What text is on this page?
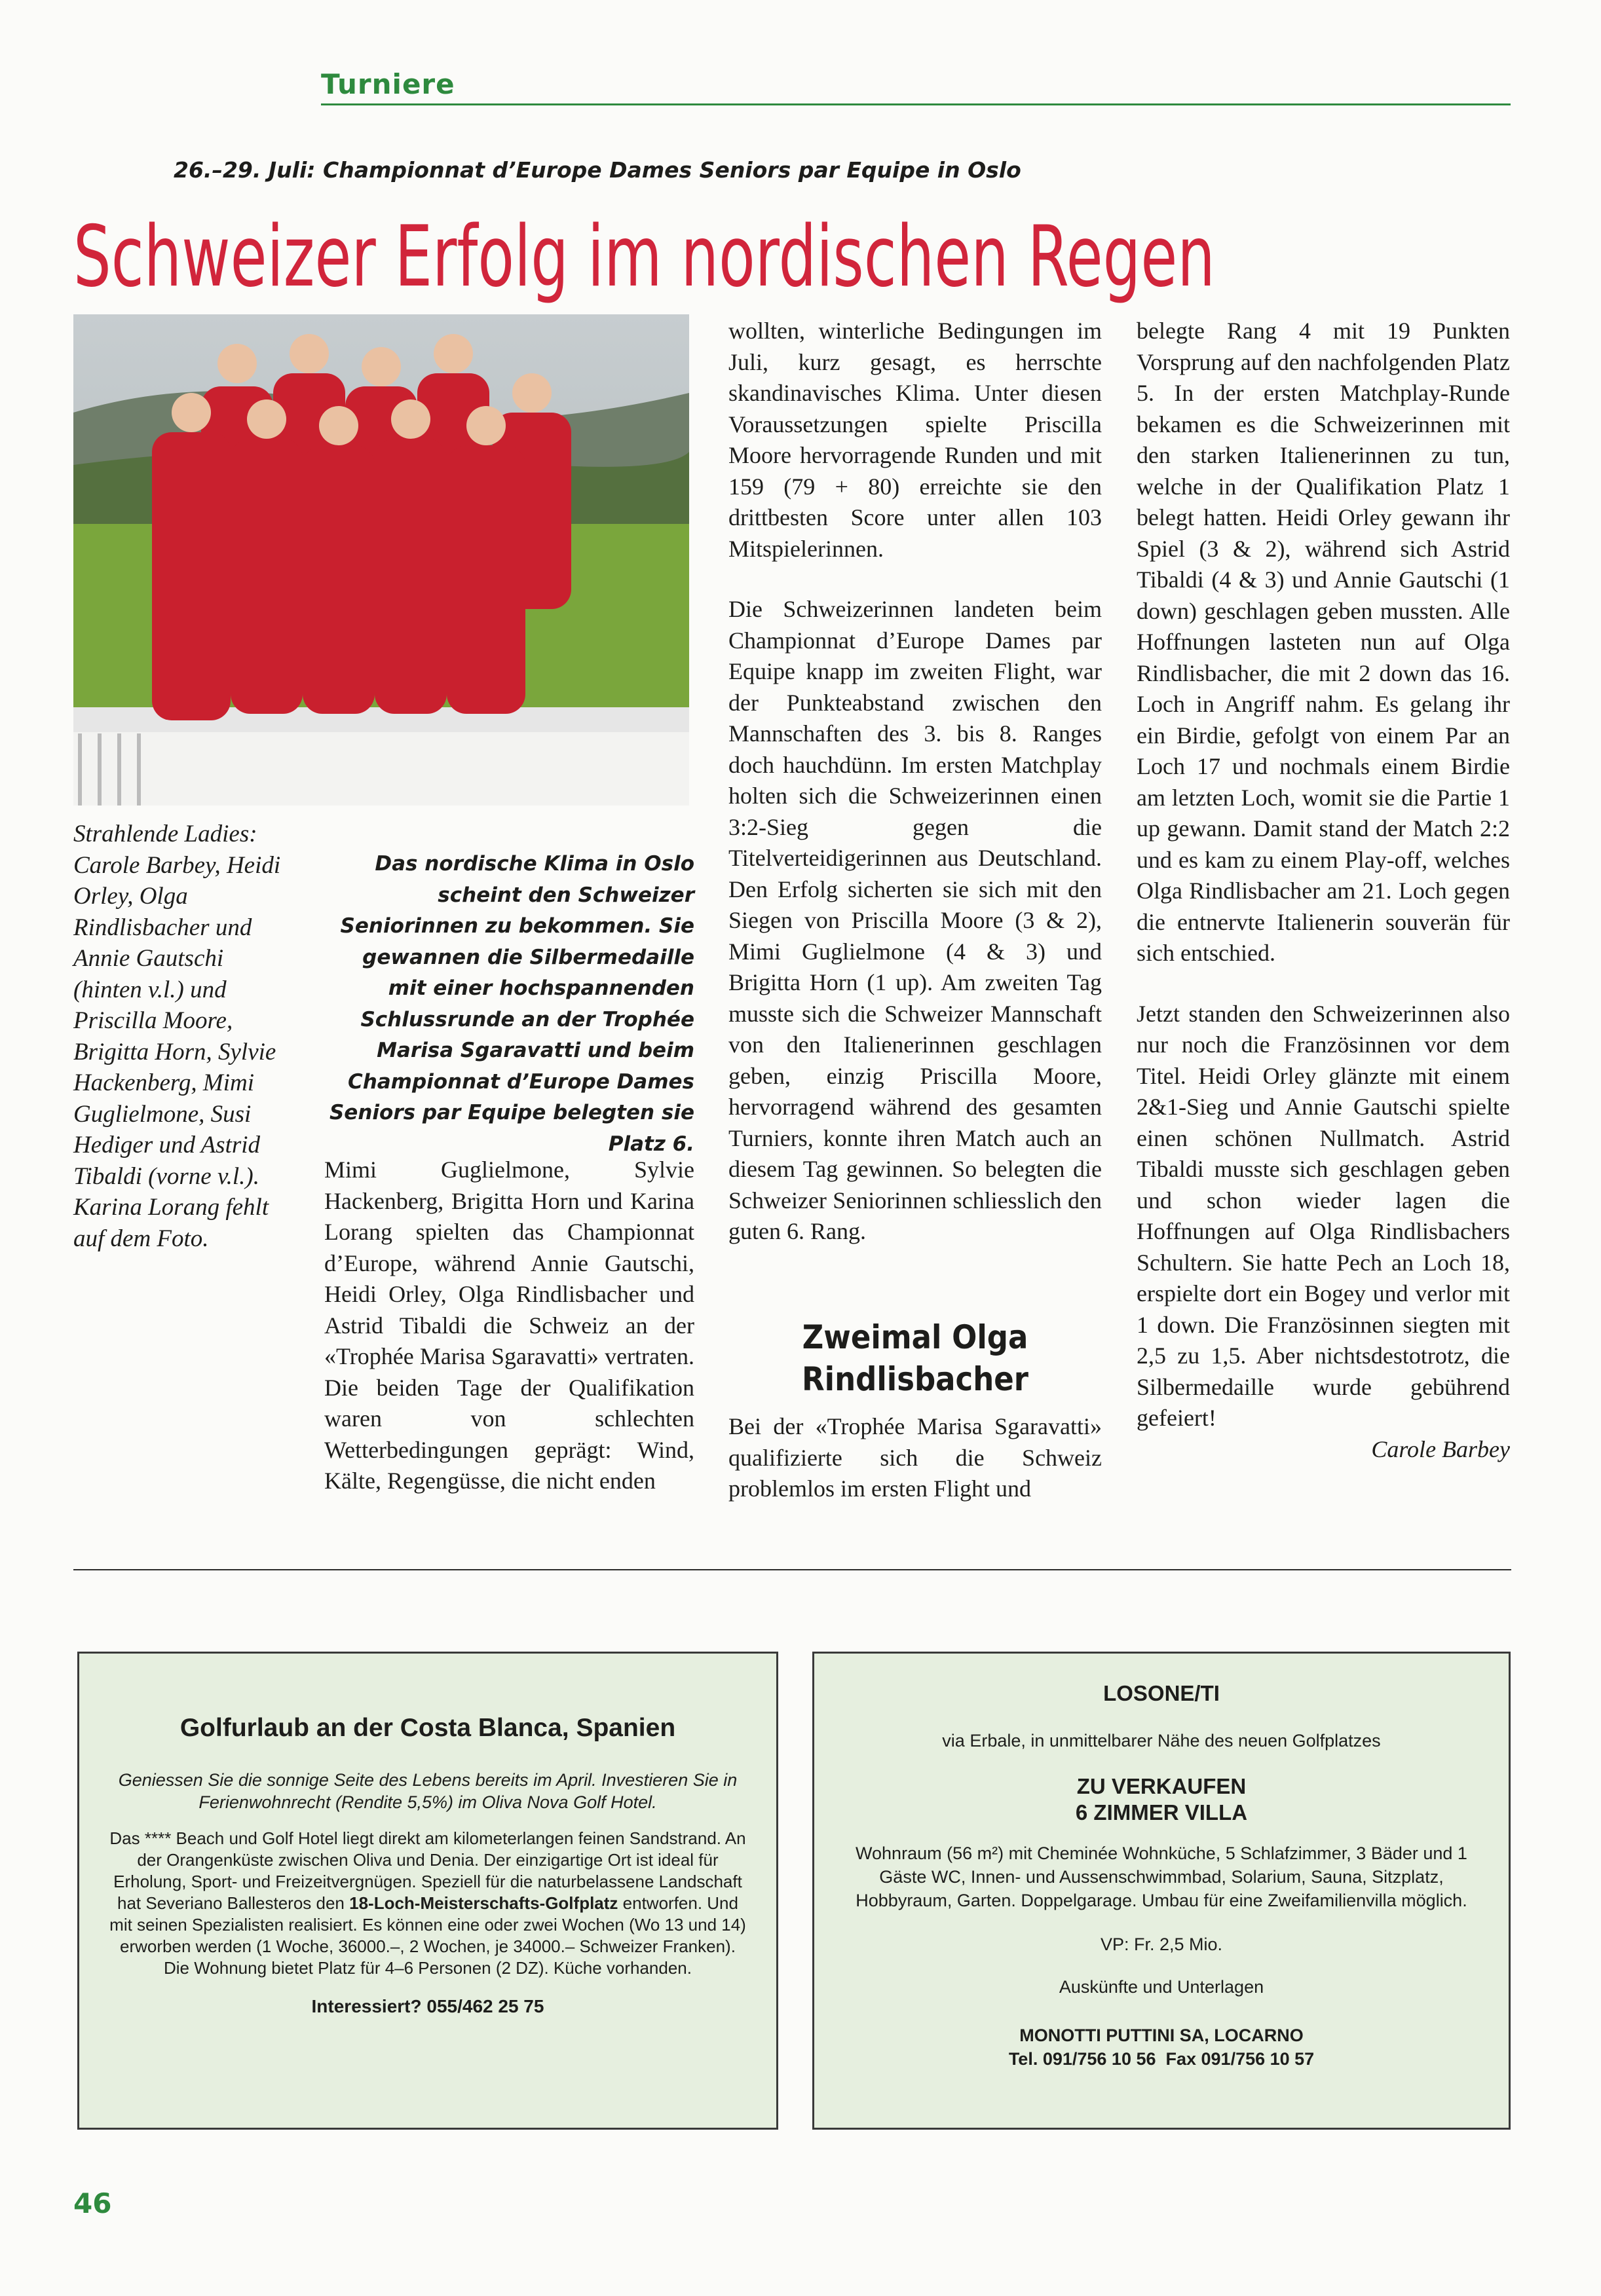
Turniere
26.–29. Juli: Championnat d’Europe Dames Seniors par Equipe in Oslo
Schweizer Erfolg im nordischen Regen
Strahlende Ladies: Carole Barbey, Heidi Orley, Olga Rindlisbacher und Annie Gautschi (hinten v.l.) und Priscilla Moore, Brigitta Horn, Sylvie Hackenberg, Mimi Guglielmone, Susi Hediger und Astrid Tibaldi (vorne v.l.). Karina Lorang fehlt auf dem Foto.
Das nordische Klima in Oslo scheint den Schweizer Seniorinnen zu bekommen. Sie gewannen die Silbermedaille mit einer hochspannenden Schlussrunde an der Trophée Marisa Sgaravatti und beim Championnat d’Europe Dames Seniors par Equipe belegten sie Platz 6.

Mimi Guglielmone, Sylvie Hackenberg, Brigitta Horn und Karina Lorang spielten das Championnat d’Europe, während Annie Gautschi, Heidi Orley, Olga Rindlisbacher und Astrid Tibaldi die Schweiz an der «Trophée Marisa Sgaravatti» vertraten. Die beiden Tage der Qualifikation waren von schlechten Wetterbedingungen geprägt: Wind, Kälte, Regengüsse, die nicht enden

wollten, winterliche Bedingungen im Juli, kurz gesagt, es herrschte skandinavisches Klima. Unter diesen Voraussetzungen spielte Priscilla Moore hervorragende Runden und mit 159 (79 + 80) erreichte sie den drittbesten Score unter allen 103 Mitspielerinnen.

Die Schweizerinnen landeten beim Championnat d’Europe Dames par Equipe knapp im zweiten Flight, war der Punkteabstand zwischen den Mannschaften des 3. bis 8. Ranges doch hauchdünn. Im ersten Matchplay holten sich die Schweizerinnen einen 3:2-Sieg gegen die Titelverteidigerinnen aus Deutschland. Den Erfolg sicherten sie sich mit den Siegen von Priscilla Moore (3 & 2), Mimi Guglielmone (4 & 3) und Brigitta Horn (1 up). Am zweiten Tag musste sich die Schweizer Mannschaft von den Italienerinnen geschlagen geben, einzig Priscilla Moore, hervorragend während des gesamten Turniers, konnte ihren Match auch an diesem Tag gewinnen. So belegten die Schweizer Seniorinnen schliesslich den guten 6. Rang.

Zweimal Olga Rindlisbacher

Bei der «Trophée Marisa Sgaravatti» qualifizierte sich die Schweiz problemlos im ersten Flight und

belegte Rang 4 mit 19 Punkten Vorsprung auf den nachfolgenden Platz 5. In der ersten Matchplay-Runde bekamen es die Schweizerinnen mit den starken Italienerinnen zu tun, welche in der Qualifikation Platz 1 belegt hatten. Heidi Orley gewann ihr Spiel (3 & 2), während sich Astrid Tibaldi (4 & 3) und Annie Gautschi (1 down) geschlagen geben mussten. Alle Hoffnungen lasteten nun auf Olga Rindlisbacher, die mit 2 down das 16. Loch in Angriff nahm. Es gelang ihr ein Birdie, gefolgt von einem Par an Loch 17 und nochmals einem Birdie am letzten Loch, womit sie die Partie 1 up gewann. Damit stand der Match 2:2 und es kam zu einem Play-off, welches Olga Rindlisbacher am 21. Loch gegen die entnervte Italienerin souverän für sich entschied.

Jetzt standen den Schweizerinnen also nur noch die Französinnen vor dem Titel. Heidi Orley glänzte mit einem 2&1-Sieg und Annie Gautschi spielte einen schönen Nullmatch. Astrid Tibaldi musste sich geschlagen geben und schon wieder lagen die Hoffnungen auf Olga Rindlisbachers Schultern. Sie hatte Pech an Loch 18, erspielte dort ein Bogey und verlor mit 1 down. Die Französinnen siegten mit 2,5 zu 1,5. Aber nichtsdestotrotz, die Silbermedaille wurde gebührend gefeiert!

Carole Barbey

Golfurlaub an der Costa Blanca, Spanien

Geniessen Sie die sonnige Seite des Lebens bereits im April. Investieren Sie in Ferienwohnrecht (Rendite 5,5%) im Oliva Nova Golf Hotel.

Das **** Beach und Golf Hotel liegt direkt am kilometerlangen feinen Sandstrand. An der Orangenküste zwischen Oliva und Denia. Der einzigartige Ort ist ideal für Erholung, Sport- und Freizeitvergnügen. Speziell für die naturbelassene Landschaft hat Severiano Ballesteros den 18-Loch-Meisterschafts-Golfplatz entworfen. Und mit seinen Spezialisten realisiert. Es können eine oder zwei Wochen (Wo 13 und 14) erworben werden (1 Woche, 36000.–, 2 Wochen, je 34000.– Schweizer Franken). Die Wohnung bietet Platz für 4–6 Personen (2 DZ). Küche vorhanden.

Interessiert? 055/462 25 75

LOSONE/TI

via Erbale, in unmittelbarer Nähe des neuen Golfplatzes

ZU VERKAUFEN

6 ZIMMER VILLA

Wohnraum (56 m²) mit Cheminée Wohnküche, 5 Schlafzimmer, 3 Bäder und 1 Gäste WC, Innen- und Aussenschwimmbad, Solarium, Sauna, Sitzplatz, Hobbyraum, Garten. Doppelgarage. Umbau für eine Zweifamilienvilla möglich.

VP: Fr. 2,5 Mio.

Auskünfte und Unterlagen

MONOTTI PUTTINI SA, LOCARNO

Tel. 091/756 10 56  Fax 091/756 10 57

46
